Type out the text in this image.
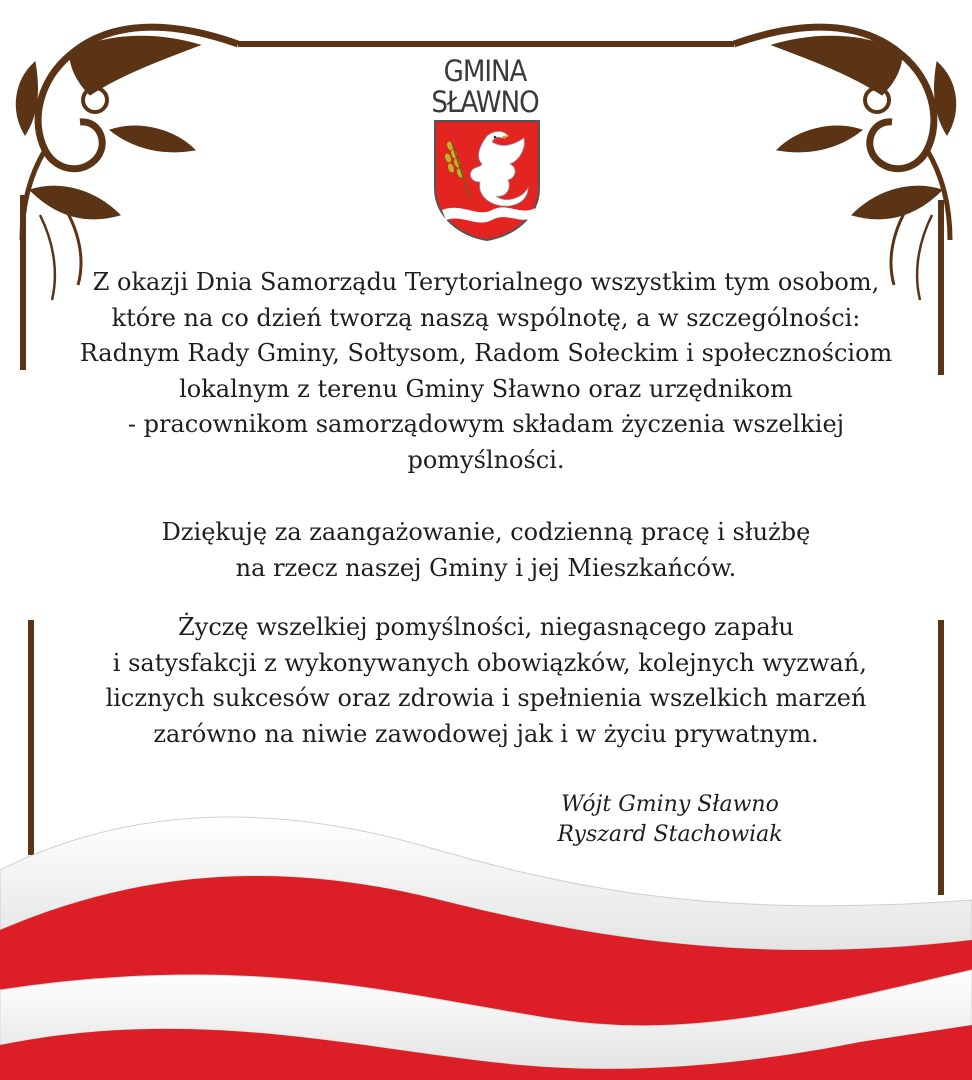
GMINA
SŁAWNO
Z okazji Dnia Samorządu Terytorialnego wszystkim tym osobom,
które na co dzień tworzą naszą wspólnotę, a w szczególności:
Radnym Rady Gminy, Sołtysom, Radom Sołeckim i społecznościom
lokalnym z terenu Gminy Sławno oraz urzędnikom
- pracownikom samorządowym składam życzenia wszelkiej
pomyślności.
Dziękuję za zaangażowanie, codzienną pracę i służbę
na rzecz naszej Gminy i jej Mieszkańców.
Życzę wszelkiej pomyślności, niegasnącego zapału
i satysfakcji z wykonywanych obowiązków, kolejnych wyzwań,
licznych sukcesów oraz zdrowia i spełnienia wszelkich marzeń
zarówno na niwie zawodowej jak i w życiu prywatnym.
Wójt Gminy Sławno
Ryszard Stachowiak
